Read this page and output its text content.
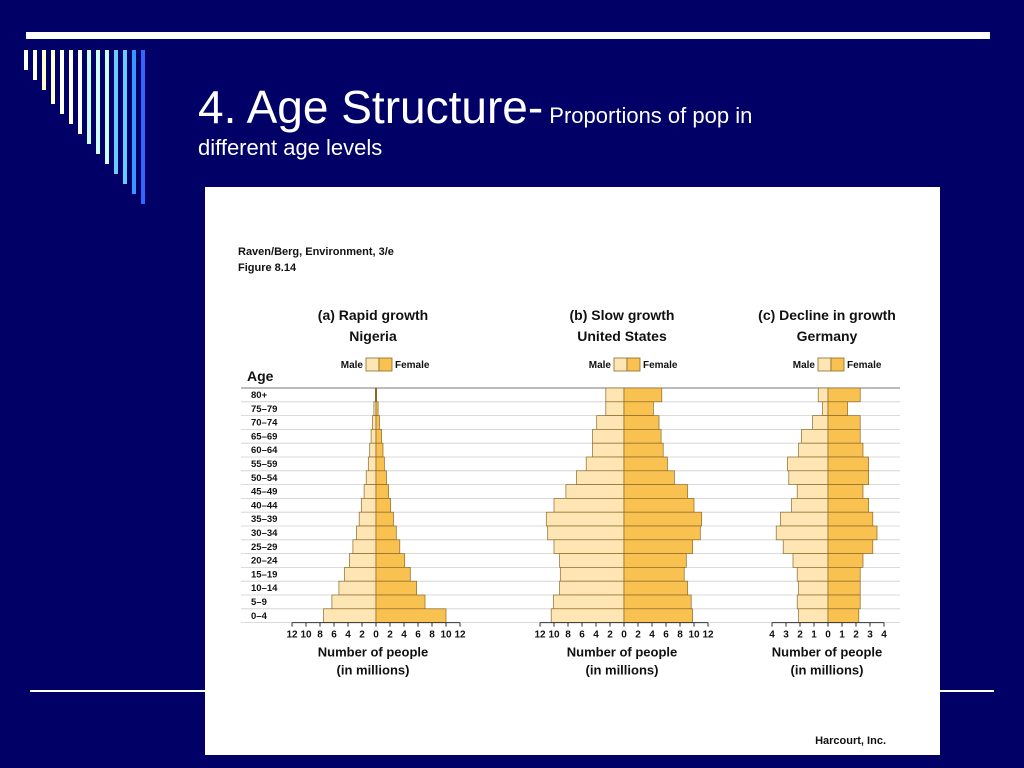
4. Age Structure- Proportions of pop in
different age levels
Raven/Berg, Environment, 3/e
Figure 8.14
Age
Harcourt, Inc.
80+
75–79
70–74
65–69
60–64
55–59
50–54
45–49
40–44
35–39
30–34
25–29
20–24
15–19
10–14
5–9
0–4
(a) Rapid growth
Nigeria
Male	Female
12 10 8 6 4 2 0 2 4 6 8 10 12
Number of people
(in millions)
(b) Slow growth
United States
Male	Female
12 10 8 6 4 2 0 2 4 6 8 10 12
Number of people
(in millions)
(c) Decline in growth
Germany
Male	Female
4 3 2 1 0 1 2 3 4
Number of people
(in millions)
